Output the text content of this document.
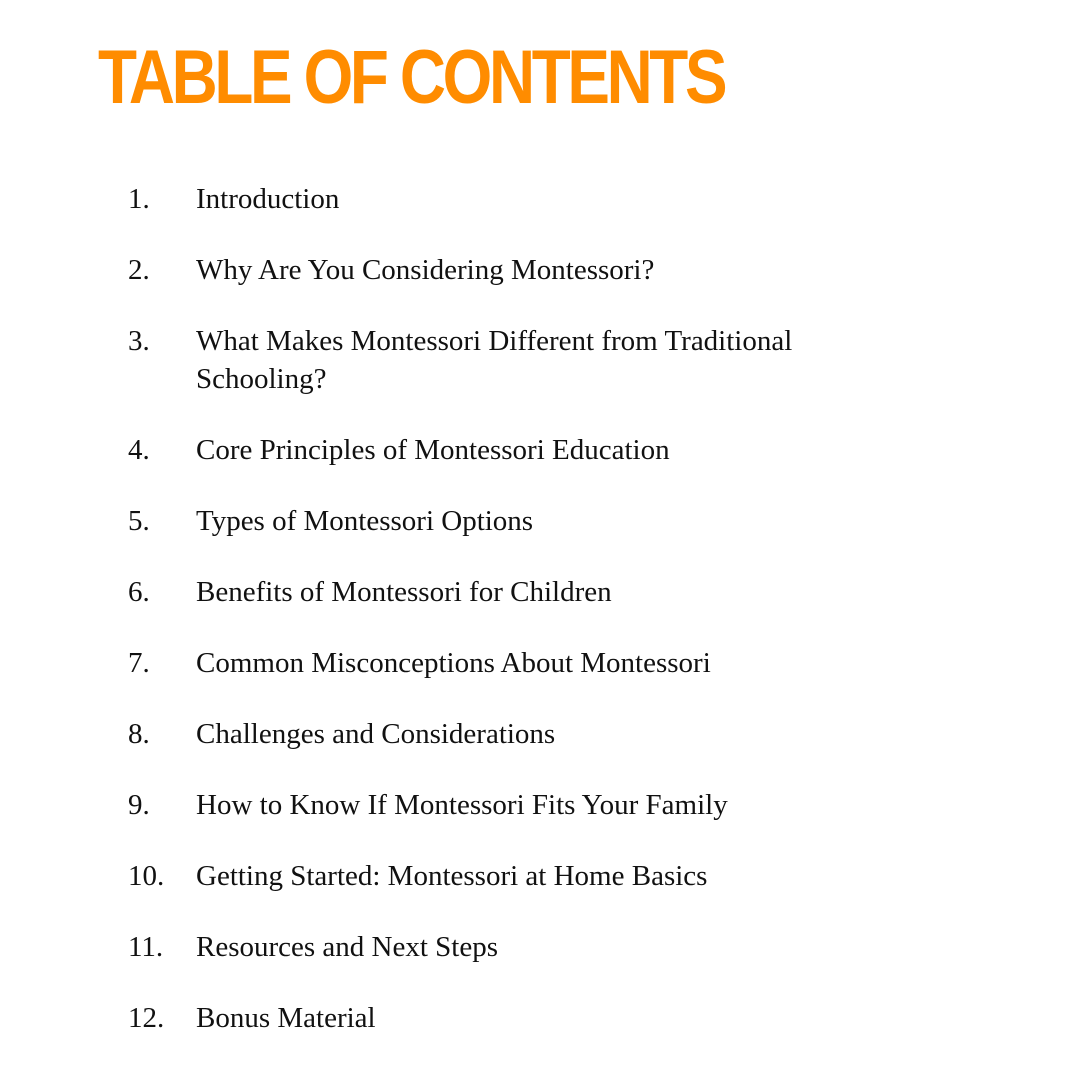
TABLE OF CONTENTS
1.	Introduction
2.	Why Are You Considering Montessori?
3.	What Makes Montessori Different from Traditional Schooling?
4.	Core Principles of Montessori Education
5.	Types of Montessori Options
6.	Benefits of Montessori for Children
7.	Common Misconceptions About Montessori
8.	Challenges and Considerations
9.	How to Know If Montessori Fits Your Family
10.	Getting Started: Montessori at Home Basics
11.	Resources and Next Steps
12.	Bonus Material
